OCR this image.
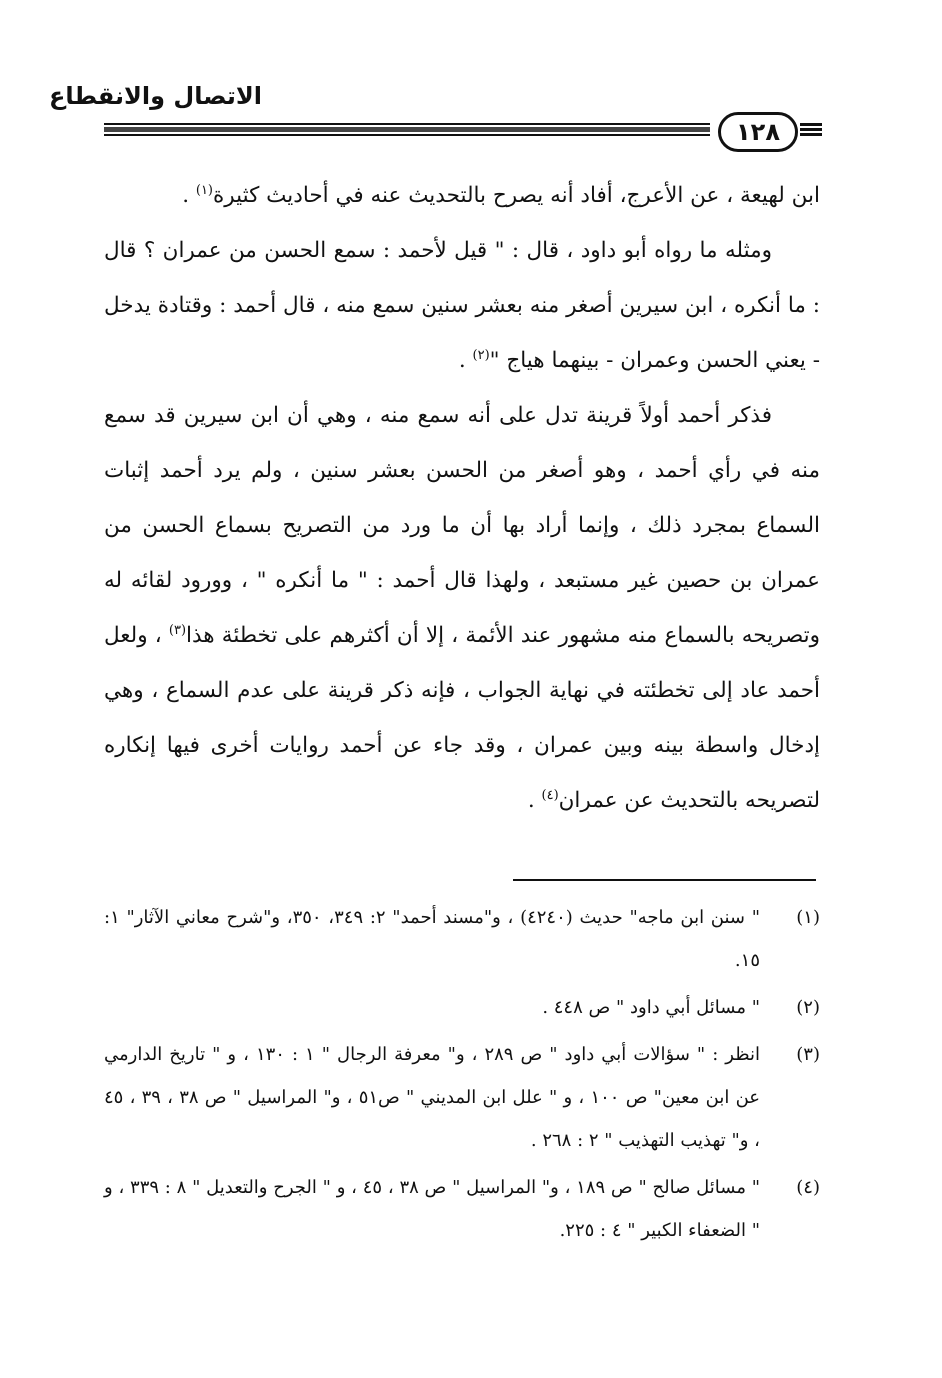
الاتصال والانقطاع
١٢٨

ابن لهيعة ، عن الأعرج، أفاد أنه يصرح بالتحديث عنه في أحاديث كثيرة$^{(١)}$ .

ومثله ما رواه أبو داود ، قال : " قيل لأحمد : سمع الحسن من عمران ؟ قال : ما أنكره ، ابن سيرين أصغر منه بعشر سنين سمع منه ، قال أحمد : وقتادة يدخل - يعني الحسن وعمران - بينهما هياج "$^{(٢)}$ .

فذكر أحمد أولاً قرينة تدل على أنه سمع منه ، وهي أن ابن سيرين قد سمع منه في رأي أحمد ، وهو أصغر من الحسن بعشر سنين ، ولم يرد أحمد إثبات السماع بمجرد ذلك ، وإنما أراد بها أن ما ورد من التصريح بسماع الحسن من عمران بن حصين غير مستبعد ، ولهذا قال أحمد : " ما أنكره " ، وورود لقائه له وتصريحه بالسماع منه مشهور عند الأئمة ، إلا أن أكثرهم على تخطئة هذا$^{(٣)}$ ، ولعل أحمد عاد إلى تخطئته في نهاية الجواب ، فإنه ذكر قرينة على عدم السماع ، وهي إدخال واسطة بينه وبين عمران ، وقد جاء عن أحمد روايات أخرى فيها إنكاره لتصريحه بالتحديث عن عمران$^{(٤)}$ .

(١)
" سنن ابن ماجه" حديث (٤٢٤٠) ، و"مسند أحمد" ٢: ٣٤٩، ٣٥٠، و"شرح معاني الآثار" ١: ١٥.
(٢)
" مسائل أبي داود " ص ٤٤٨ .
(٣)
انظر : " سؤالات أبي داود " ص ٢٨٩ ، و" معرفة الرجال " ١ : ١٣٠ ، و " تاريخ الدارمي عن ابن معين" ص ١٠٠ ، و " علل ابن المديني " ص٥١ ، و" المراسيل " ص ٣٨ ، ٣٩ ، ٤٥ ، و" تهذيب التهذيب " ٢ : ٢٦٨ .
(٤)
" مسائل صالح " ص ١٨٩ ، و" المراسيل " ص ٣٨ ، ٤٥ ، و " الجرح والتعديل " ٨ : ٣٣٩ ، و " الضعفاء الكبير " ٤ : ٢٢٥.
